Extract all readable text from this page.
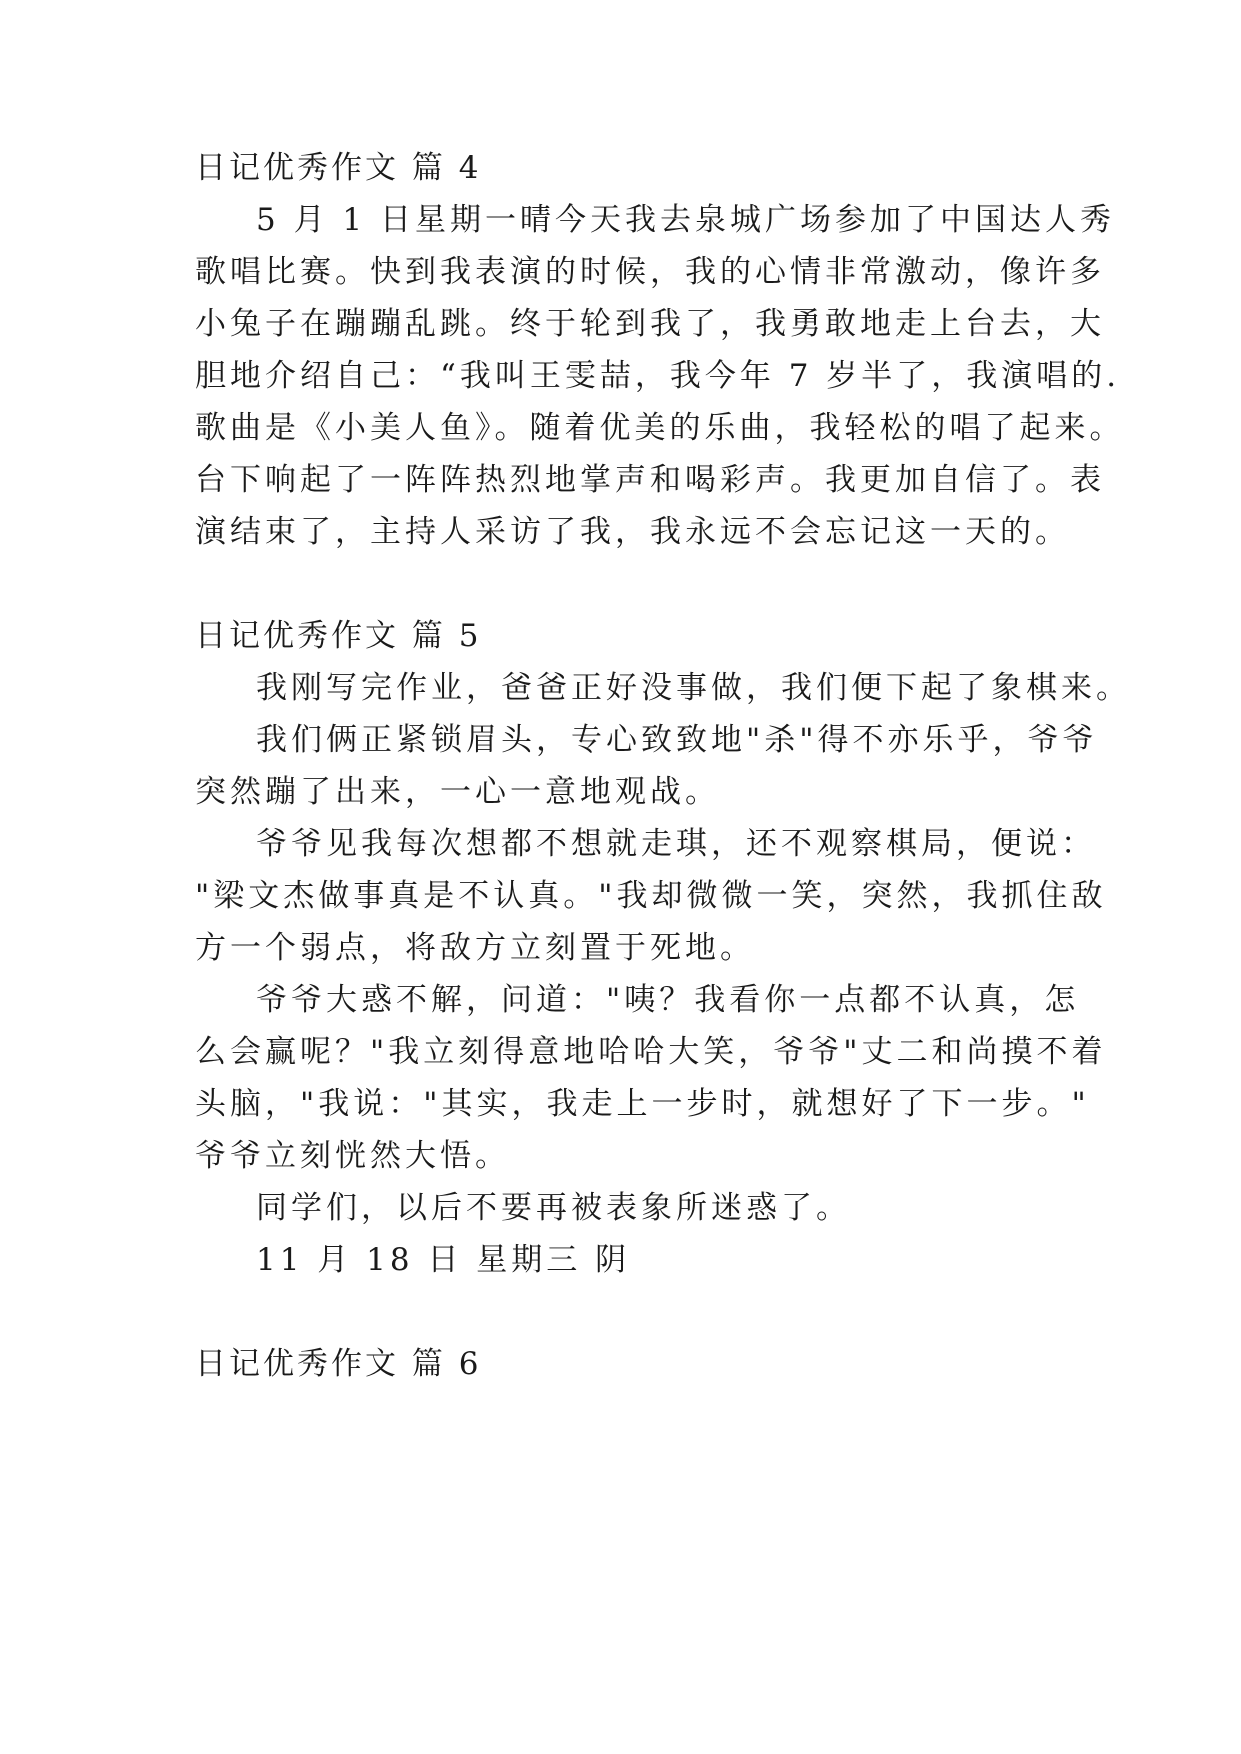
日记优秀作文 篇 4
5 月 1 日星期一晴今天我去泉城广场参加了中国达人秀
歌唱比赛。快到我表演的时候，我的心情非常激动，像许多
小兔子在蹦蹦乱跳。终于轮到我了，我勇敢地走上台去，大
胆地介绍自己：“我叫王雯喆，我今年 7 岁半了，我演唱的.
歌曲是《小美人鱼》。随着优美的乐曲，我轻松的唱了起来。
台下响起了一阵阵热烈地掌声和喝彩声。我更加自信了。表
演结束了，主持人采访了我，我永远不会忘记这一天的。
日记优秀作文 篇 5
我刚写完作业，爸爸正好没事做，我们便下起了象棋来。
我们俩正紧锁眉头，专心致致地"杀"得不亦乐乎，爷爷
突然蹦了出来，一心一意地观战。
爷爷见我每次想都不想就走琪，还不观察棋局，便说：
"梁文杰做事真是不认真。"我却微微一笑，突然，我抓住敌
方一个弱点，将敌方立刻置于死地。
爷爷大惑不解，问道："咦？我看你一点都不认真，怎
么会赢呢？"我立刻得意地哈哈大笑，爷爷"丈二和尚摸不着
头脑，"我说："其实，我走上一步时，就想好了下一步。"
爷爷立刻恍然大悟。
同学们，以后不要再被表象所迷惑了。
11 月 18 日 星期三 阴
日记优秀作文 篇 6
